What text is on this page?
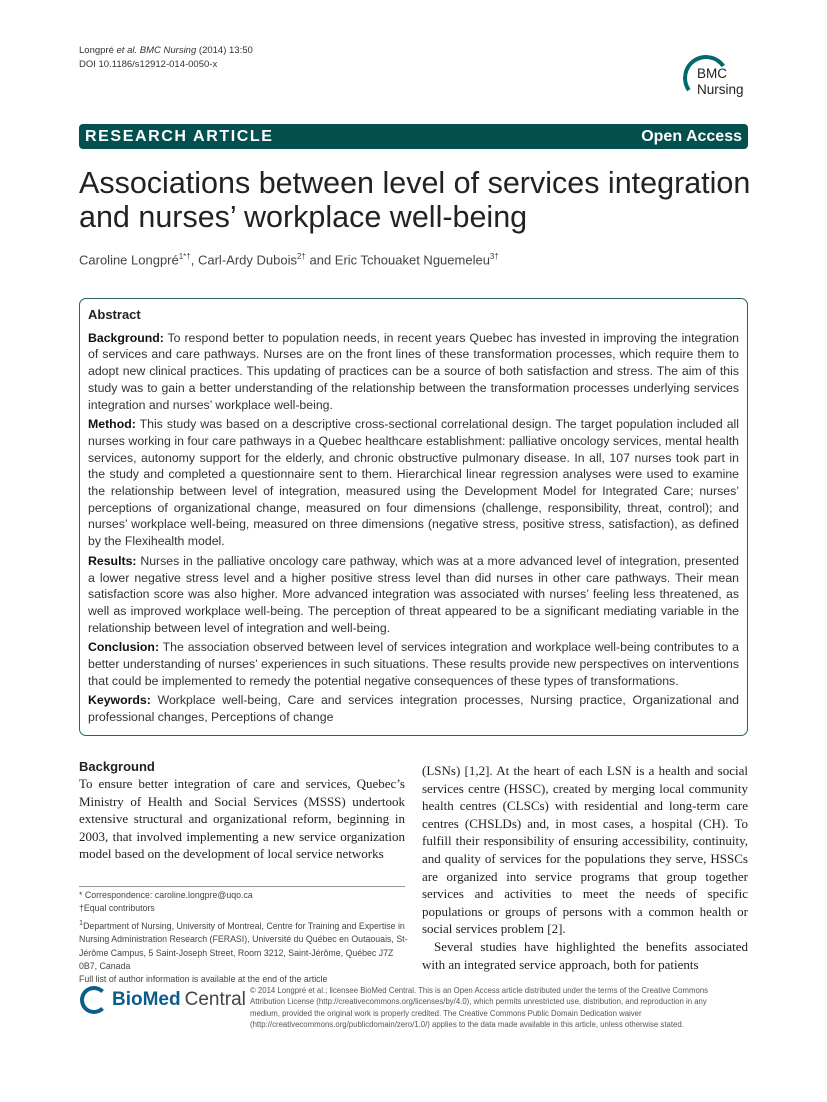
Longpré et al. BMC Nursing (2014) 13:50
DOI 10.1186/s12912-014-0050-x
BMC
Nursing
RESEARCH ARTICLE	Open Access
Associations between level of services integration and nurses’ workplace well-being
Caroline Longpré$^{1*\dagger}$, Carl-Ardy Dubois$^{2\dagger}$ and Eric Tchouaket Nguemeleu$^{3\dagger}$
Abstract

Background: To respond better to population needs, in recent years Quebec has invested in improving the integration of services and care pathways. Nurses are on the front lines of these transformation processes, which require them to adopt new clinical practices. This updating of practices can be a source of both satisfaction and stress. The aim of this study was to gain a better understanding of the relationship between the transformation processes underlying services integration and nurses’ workplace well-being.

Method: This study was based on a descriptive cross-sectional correlational design. The target population included all nurses working in four care pathways in a Quebec healthcare establishment: palliative oncology services, mental health services, autonomy support for the elderly, and chronic obstructive pulmonary disease. In all, 107 nurses took part in the study and completed a questionnaire sent to them. Hierarchical linear regression analyses were used to examine the relationship between level of integration, measured using the Development Model for Integrated Care; nurses’ perceptions of organizational change, measured on four dimensions (challenge, responsibility, threat, control); and nurses’ workplace well-being, measured on three dimensions (negative stress, positive stress, satisfaction), as defined by the Flexihealth model.

Results: Nurses in the palliative oncology care pathway, which was at a more advanced level of integration, presented a lower negative stress level and a higher positive stress level than did nurses in other care pathways. Their mean satisfaction score was also higher. More advanced integration was associated with nurses’ feeling less threatened, as well as improved workplace well-being. The perception of threat appeared to be a significant mediating variable in the relationship between level of integration and well-being.

Conclusion: The association observed between level of services integration and workplace well-being contributes to a better understanding of nurses’ experiences in such situations. These results provide new perspectives on interventions that could be implemented to remedy the potential negative consequences of these types of transformations.

Keywords: Workplace well-being, Care and services integration processes, Nursing practice, Organizational and professional changes, Perceptions of change

Background

To ensure better integration of care and services, Quebec’s Ministry of Health and Social Services (MSSS) undertook extensive structural and organizational reform, beginning in 2003, that involved implementing a new service organization model based on the development of local service networks

(LSNs) [1,2]. At the heart of each LSN is a health and social services centre (HSSC), created by merging local community health centres (CLSCs) with residential and long-term care centres (CHSLDs) and, in most cases, a hospital (CH). To fulfill their responsibility of ensuring accessibility, continuity, and quality of services for the populations they serve, HSSCs are organized into service programs that group together services and activities to meet the needs of specific populations or groups of persons with a common health or social services problem [2].

Several studies have highlighted the benefits associated with an integrated service approach, both for patients

* Correspondence: caroline.longpre@uqo.ca
†Equal contributors
$^1$Department of Nursing, University of Montreal, Centre for Training and Expertise in Nursing Administration Research (FERASI), Université du Québec en Outaouais, St-Jérôme Campus, 5 Saint-Joseph Street, Room 3212, Saint-Jérôme, Québec J7Z 0B7, Canada
Full list of author information is available at the end of the article
BioMed Central © 2014 Longpré et al.; licensee BioMed Central. This is an Open Access article distributed under the terms of the Creative Commons Attribution License (http://creativecommons.org/licenses/by/4.0), which permits unrestricted use, distribution, and reproduction in any medium, provided the original work is properly credited. The Creative Commons Public Domain Dedication waiver (http://creativecommons.org/publicdomain/zero/1.0/) applies to the data made available in this article, unless otherwise stated.
